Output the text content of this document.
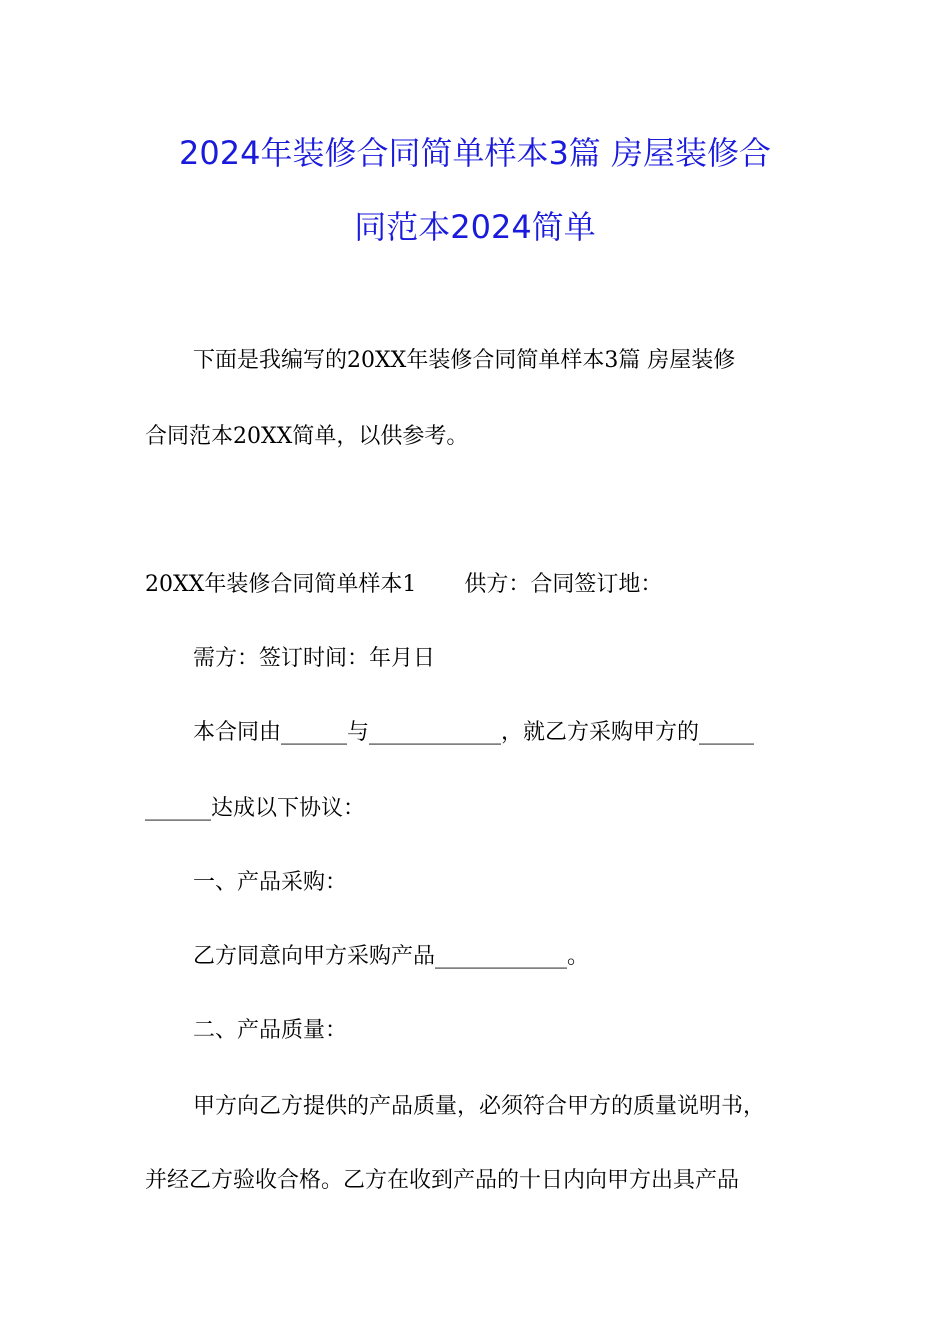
2024年装修合同简单样本3篇 房屋装修合
同范本2024简单
下面是我编写的20XX年装修合同简单样本3篇 房屋装修
合同范本20XX简单，以供参考。
20XX年装修合同简单样本1 供方：合同签订地：
需方：签订时间：年月日
本合同由______与____________，就乙方采购甲方的_____
______达成以下协议：
一、产品采购：
乙方同意向甲方采购产品____________。
二、产品质量：
甲方向乙方提供的产品质量，必须符合甲方的质量说明书，
并经乙方验收合格。乙方在收到产品的十日内向甲方出具产品
